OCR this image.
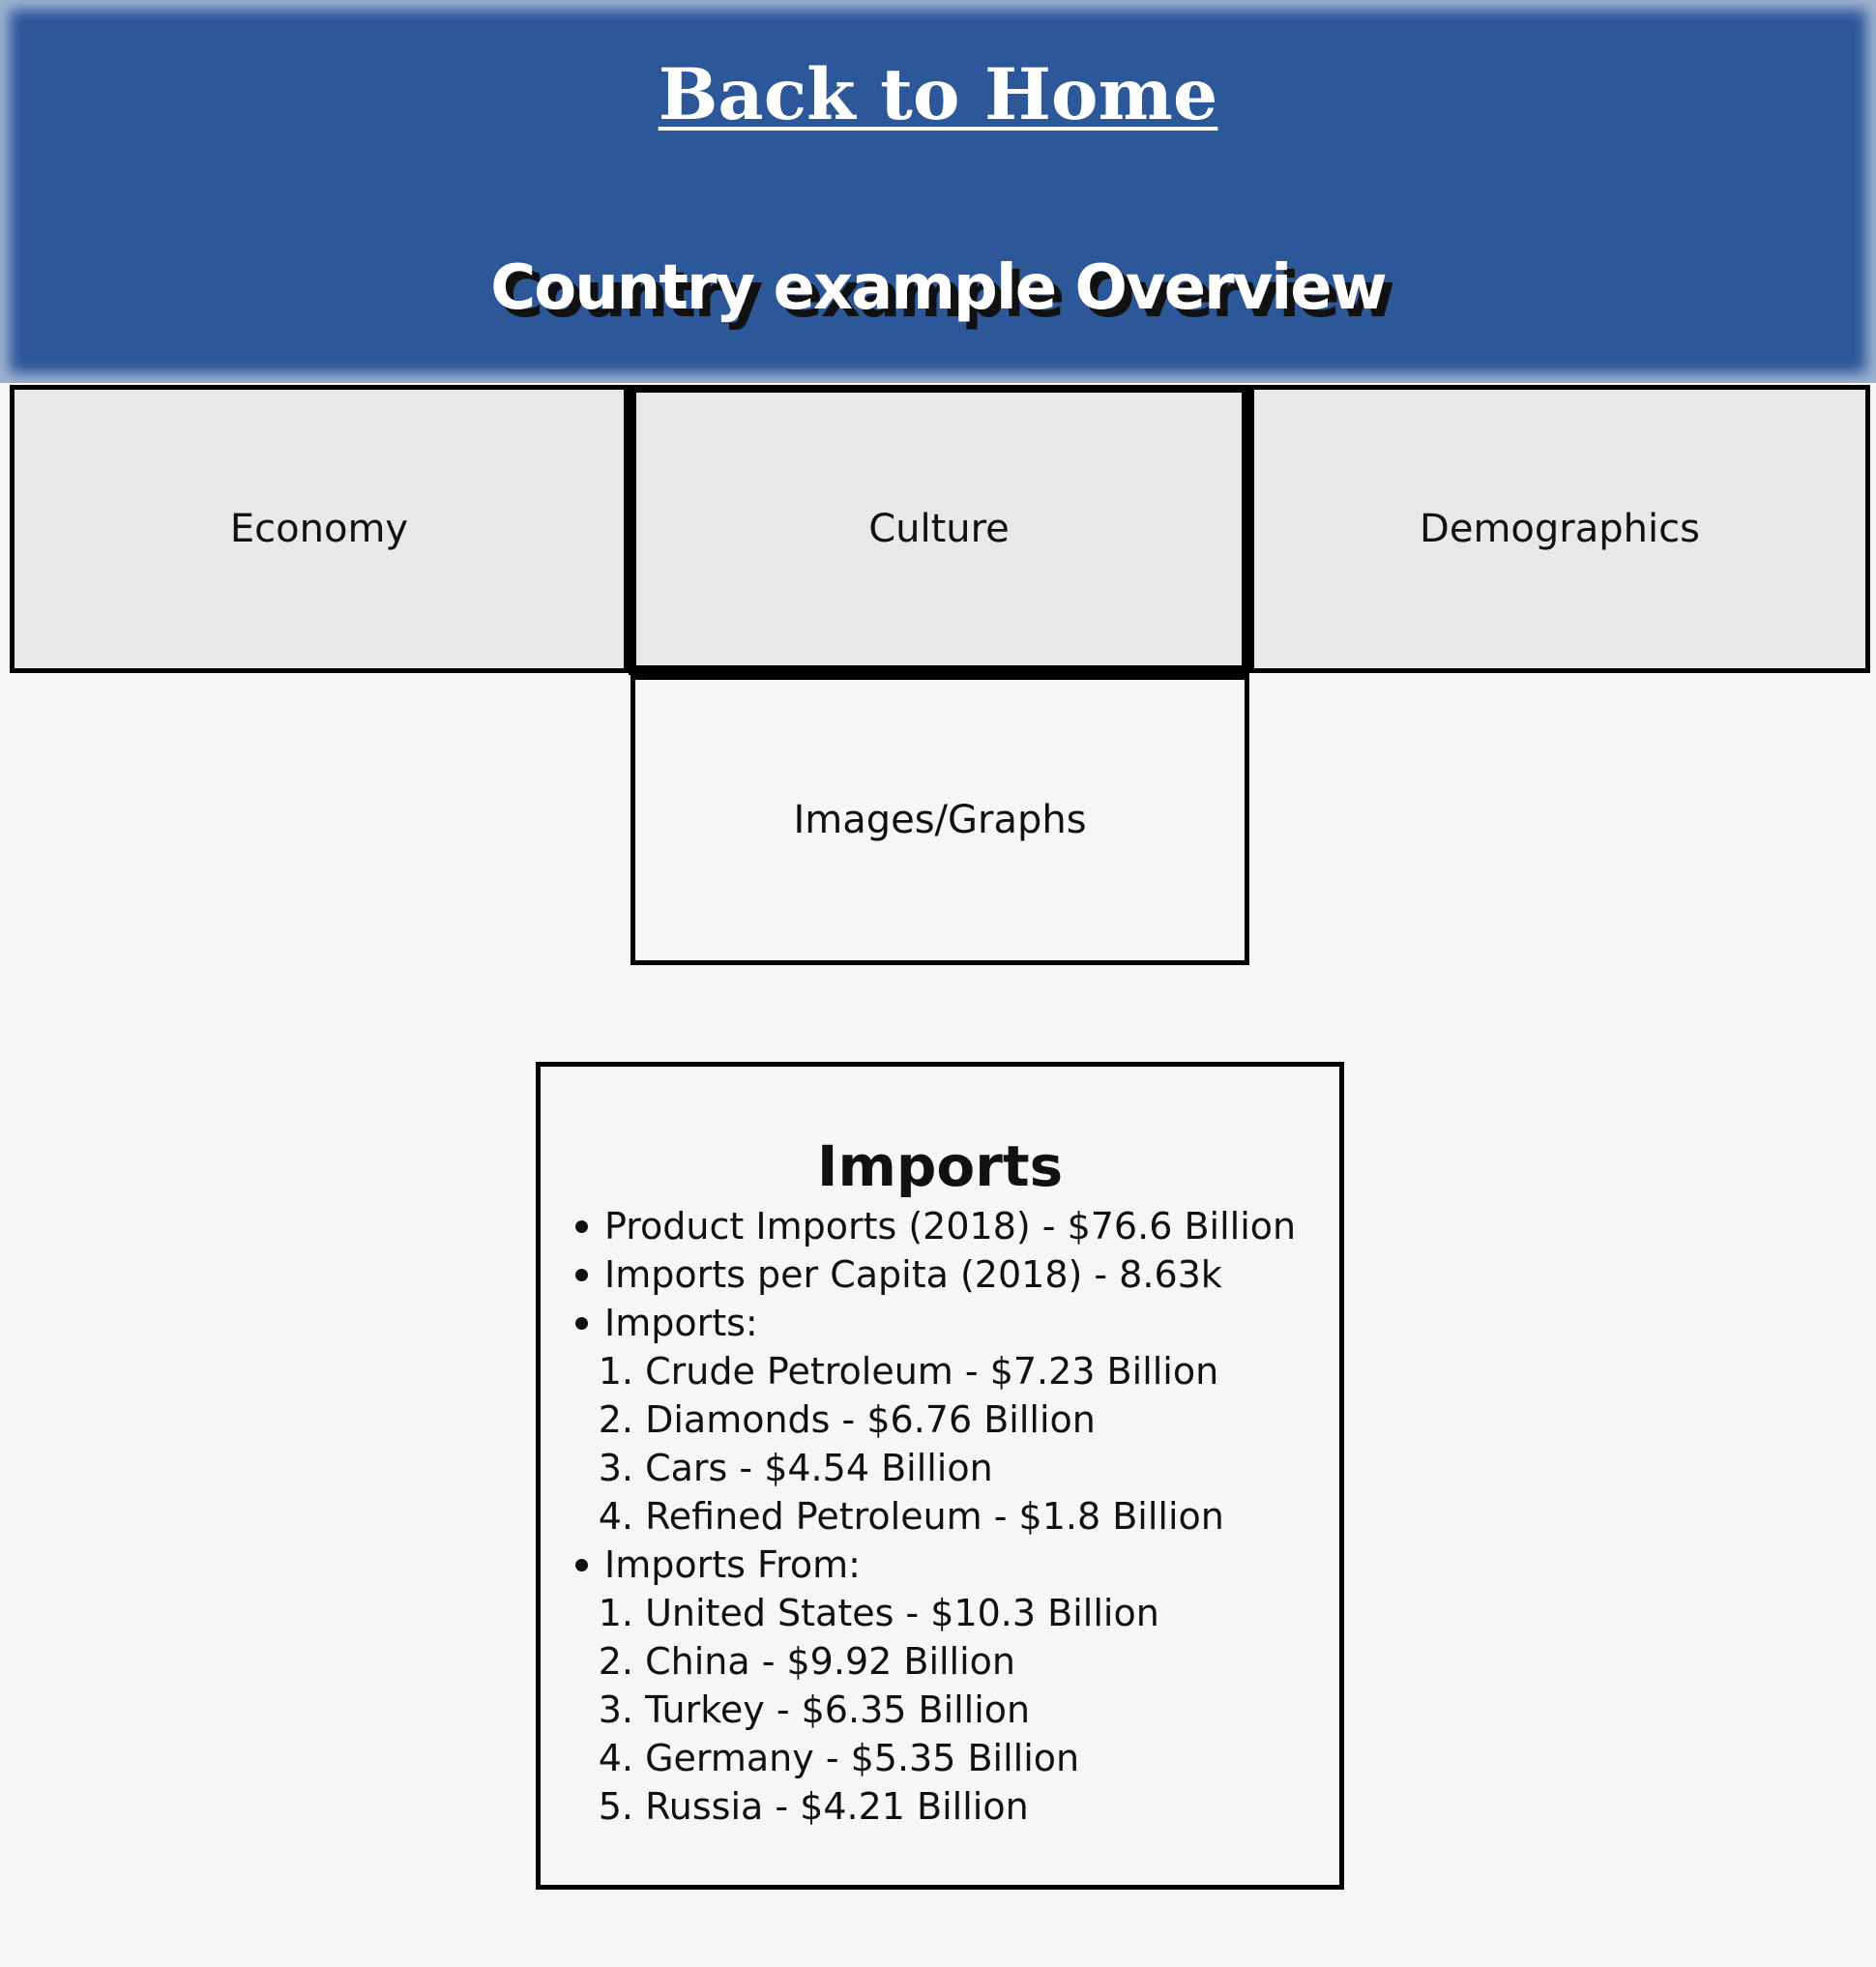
Back to Home
Country example Overview
Economy	Culture	Demographics
Images/Graphs
Imports
Product Imports (2018) - $76.6 Billion
Imports per Capita (2018) - 8.63k
Imports:
1. Crude Petroleum - $7.23 Billion
2. Diamonds - $6.76 Billion
3. Cars - $4.54 Billion
4. Refined Petroleum - $1.8 Billion
Imports From:
1. United States - $10.3 Billion
2. China - $9.92 Billion
3. Turkey - $6.35 Billion
4. Germany - $5.35 Billion
5. Russia - $4.21 Billion
